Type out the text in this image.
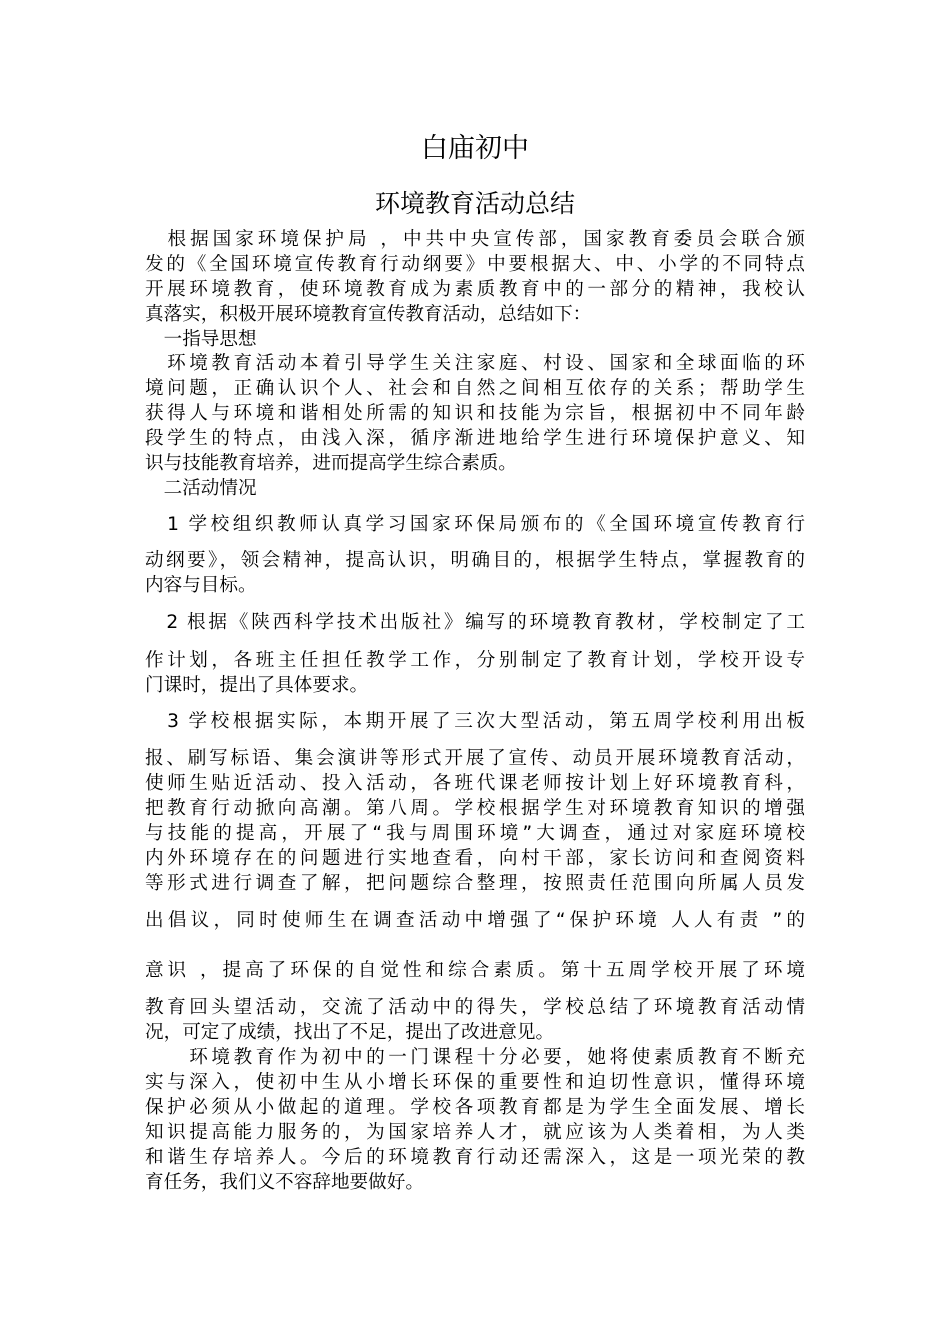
白庙初中
环境教育活动总结
　根据国家环境保护局 ，中共中央宣传部，国家教育委员会联合颁
发的《全国环境宣传教育行动纲要》中要根据大、中、小学的不同特点
开展环境教育，使环境教育成为素质教育中的一部分的精神，我校认
真落实，积极开展环境教育宣传教育活动，总结如下：
　一指导思想
　环境教育活动本着引导学生关注家庭、村设、国家和全球面临的环
境问题，正确认识个人、社会和自然之间相互依存的关系；帮助学生
获得人与环境和谐相处所需的知识和技能为宗旨，根据初中不同年龄
段学生的特点，由浅入深，循序渐进地给学生进行环境保护意义、知
识与技能教育培养，进而提高学生综合素质。
　二活动情况
　1 学校组织教师认真学习国家环保局颁布的《全国环境宣传教育行
动纲要》，领会精神，提高认识，明确目的，根据学生特点，掌握教育的
内容与目标。
　2 根据《陕西科学技术出版社》编写的环境教育教材，学校制定了工
作计划，各班主任担任教学工作，分别制定了教育计划，学校开设专
门课时，提出了具体要求。
　3 学校根据实际，本期开展了三次大型活动，第五周学校利用出板
报、刷写标语、集会演讲等形式开展了宣传、动员开展环境教育活动，
使师生贴近活动、投入活动，各班代课老师按计划上好环境教育科，
把教育行动掀向高潮。第八周。学校根据学生对环境教育知识的增强
与技能的提高，开展了“我与周围环境”大调查，通过对家庭环境校
内外环境存在的问题进行实地查看，向村干部，家长访问和查阅资料
等形式进行调查了解，把问题综合整理，按照责任范围向所属人员发
出倡议，同时使师生在调查活动中增强了“保护环境 人人有责 ”的
意识 ，提高了环保的自觉性和综合素质。第十五周学校开展了环境
教育回头望活动，交流了活动中的得失，学校总结了环境教育活动情
况，可定了成绩，找出了不足，提出了改进意见。
　　环境教育作为初中的一门课程十分必要，她将使素质教育不断充
实与深入，使初中生从小增长环保的重要性和迫切性意识，懂得环境
保护必须从小做起的道理。学校各项教育都是为学生全面发展、增长
知识提高能力服务的，为国家培养人才，就应该为人类着相，为人类
和谐生存培养人。今后的环境教育行动还需深入，这是一项光荣的教
育任务，我们义不容辞地要做好。
